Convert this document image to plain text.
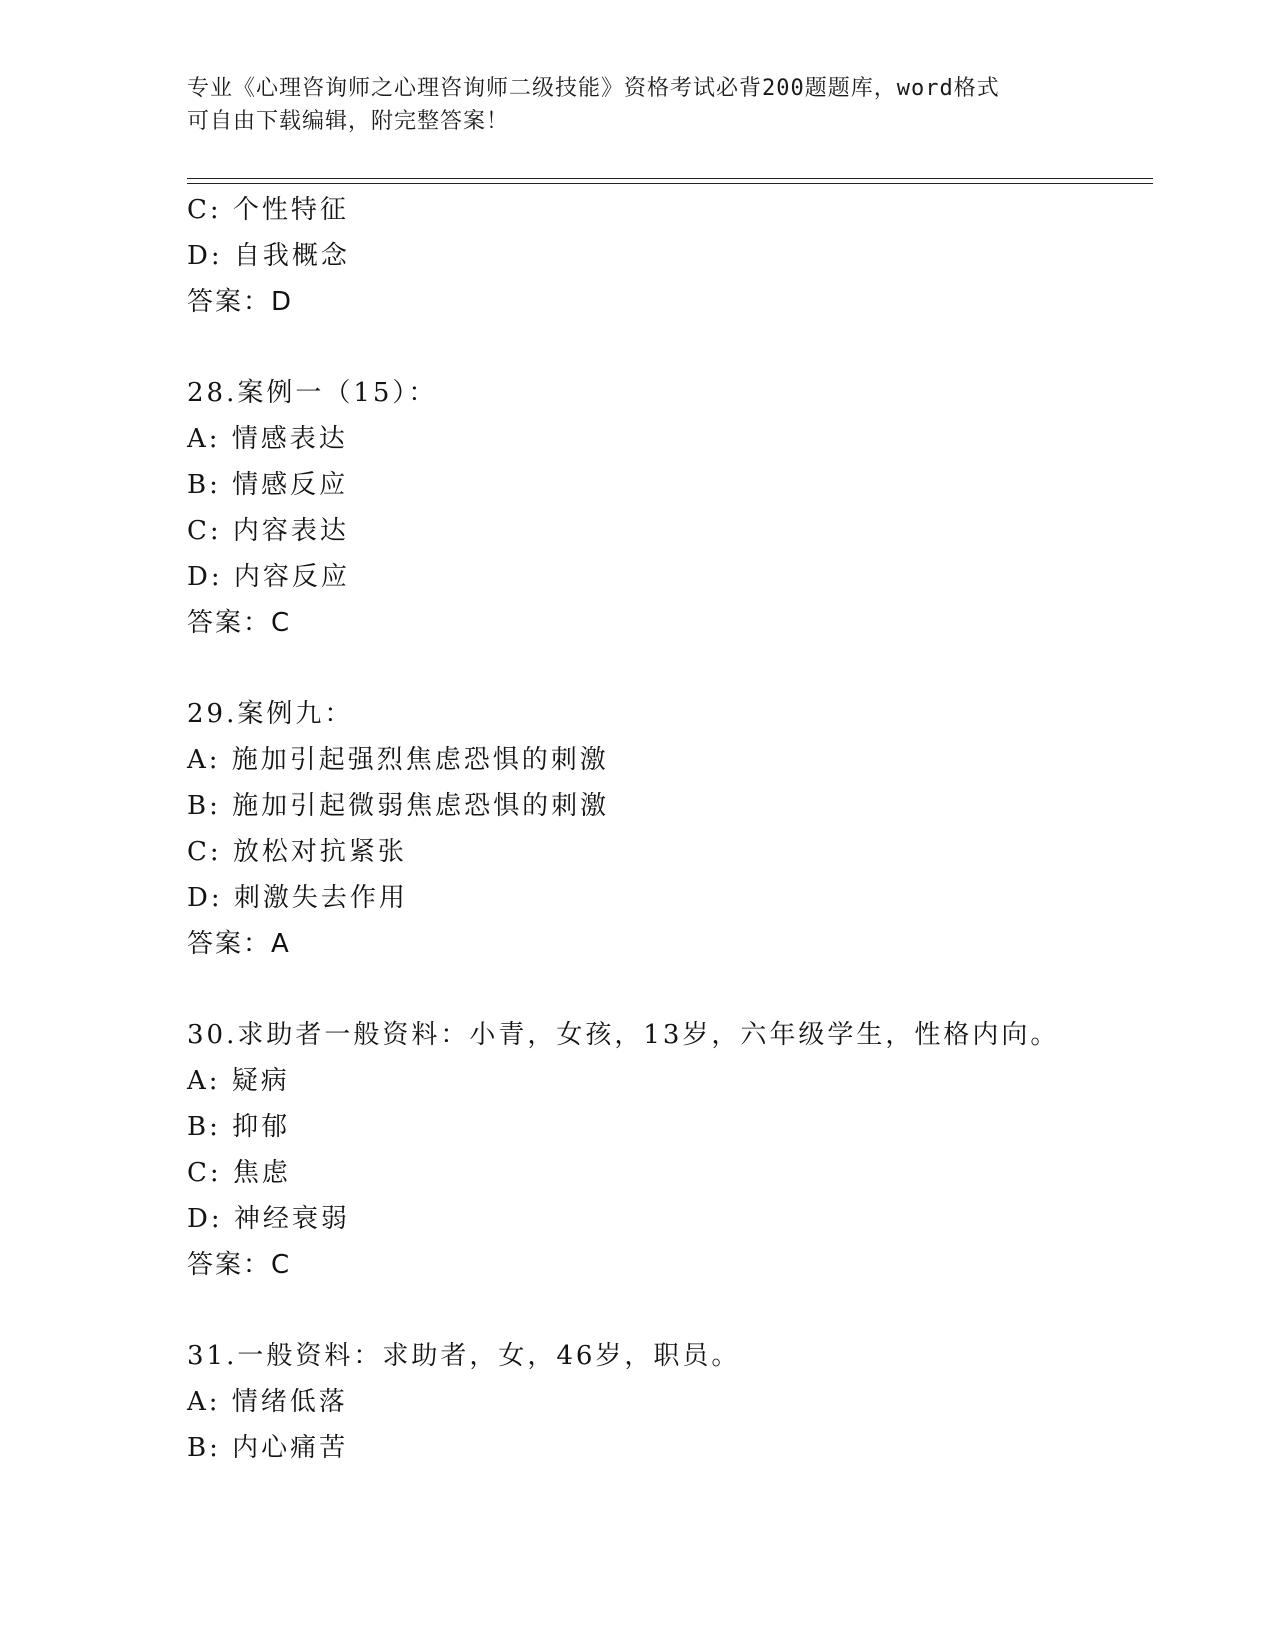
专业《心理咨询师之心理咨询师二级技能》资格考试必背200题题库，word格式
可自由下载编辑，附完整答案！
C: 个性特征
D: 自我概念
答案：D
28.案例一（15）：
A: 情感表达
B: 情感反应
C: 内容表达
D: 内容反应
答案：C
29.案例九：
A: 施加引起强烈焦虑恐惧的刺激
B: 施加引起微弱焦虑恐惧的刺激
C: 放松对抗紧张
D: 刺激失去作用
答案：A
30.求助者一般资料：小青，女孩，13岁，六年级学生，性格内向。
A: 疑病
B: 抑郁
C: 焦虑
D: 神经衰弱
答案：C
31.一般资料：求助者，女，46岁，职员。
A: 情绪低落
B: 内心痛苦
